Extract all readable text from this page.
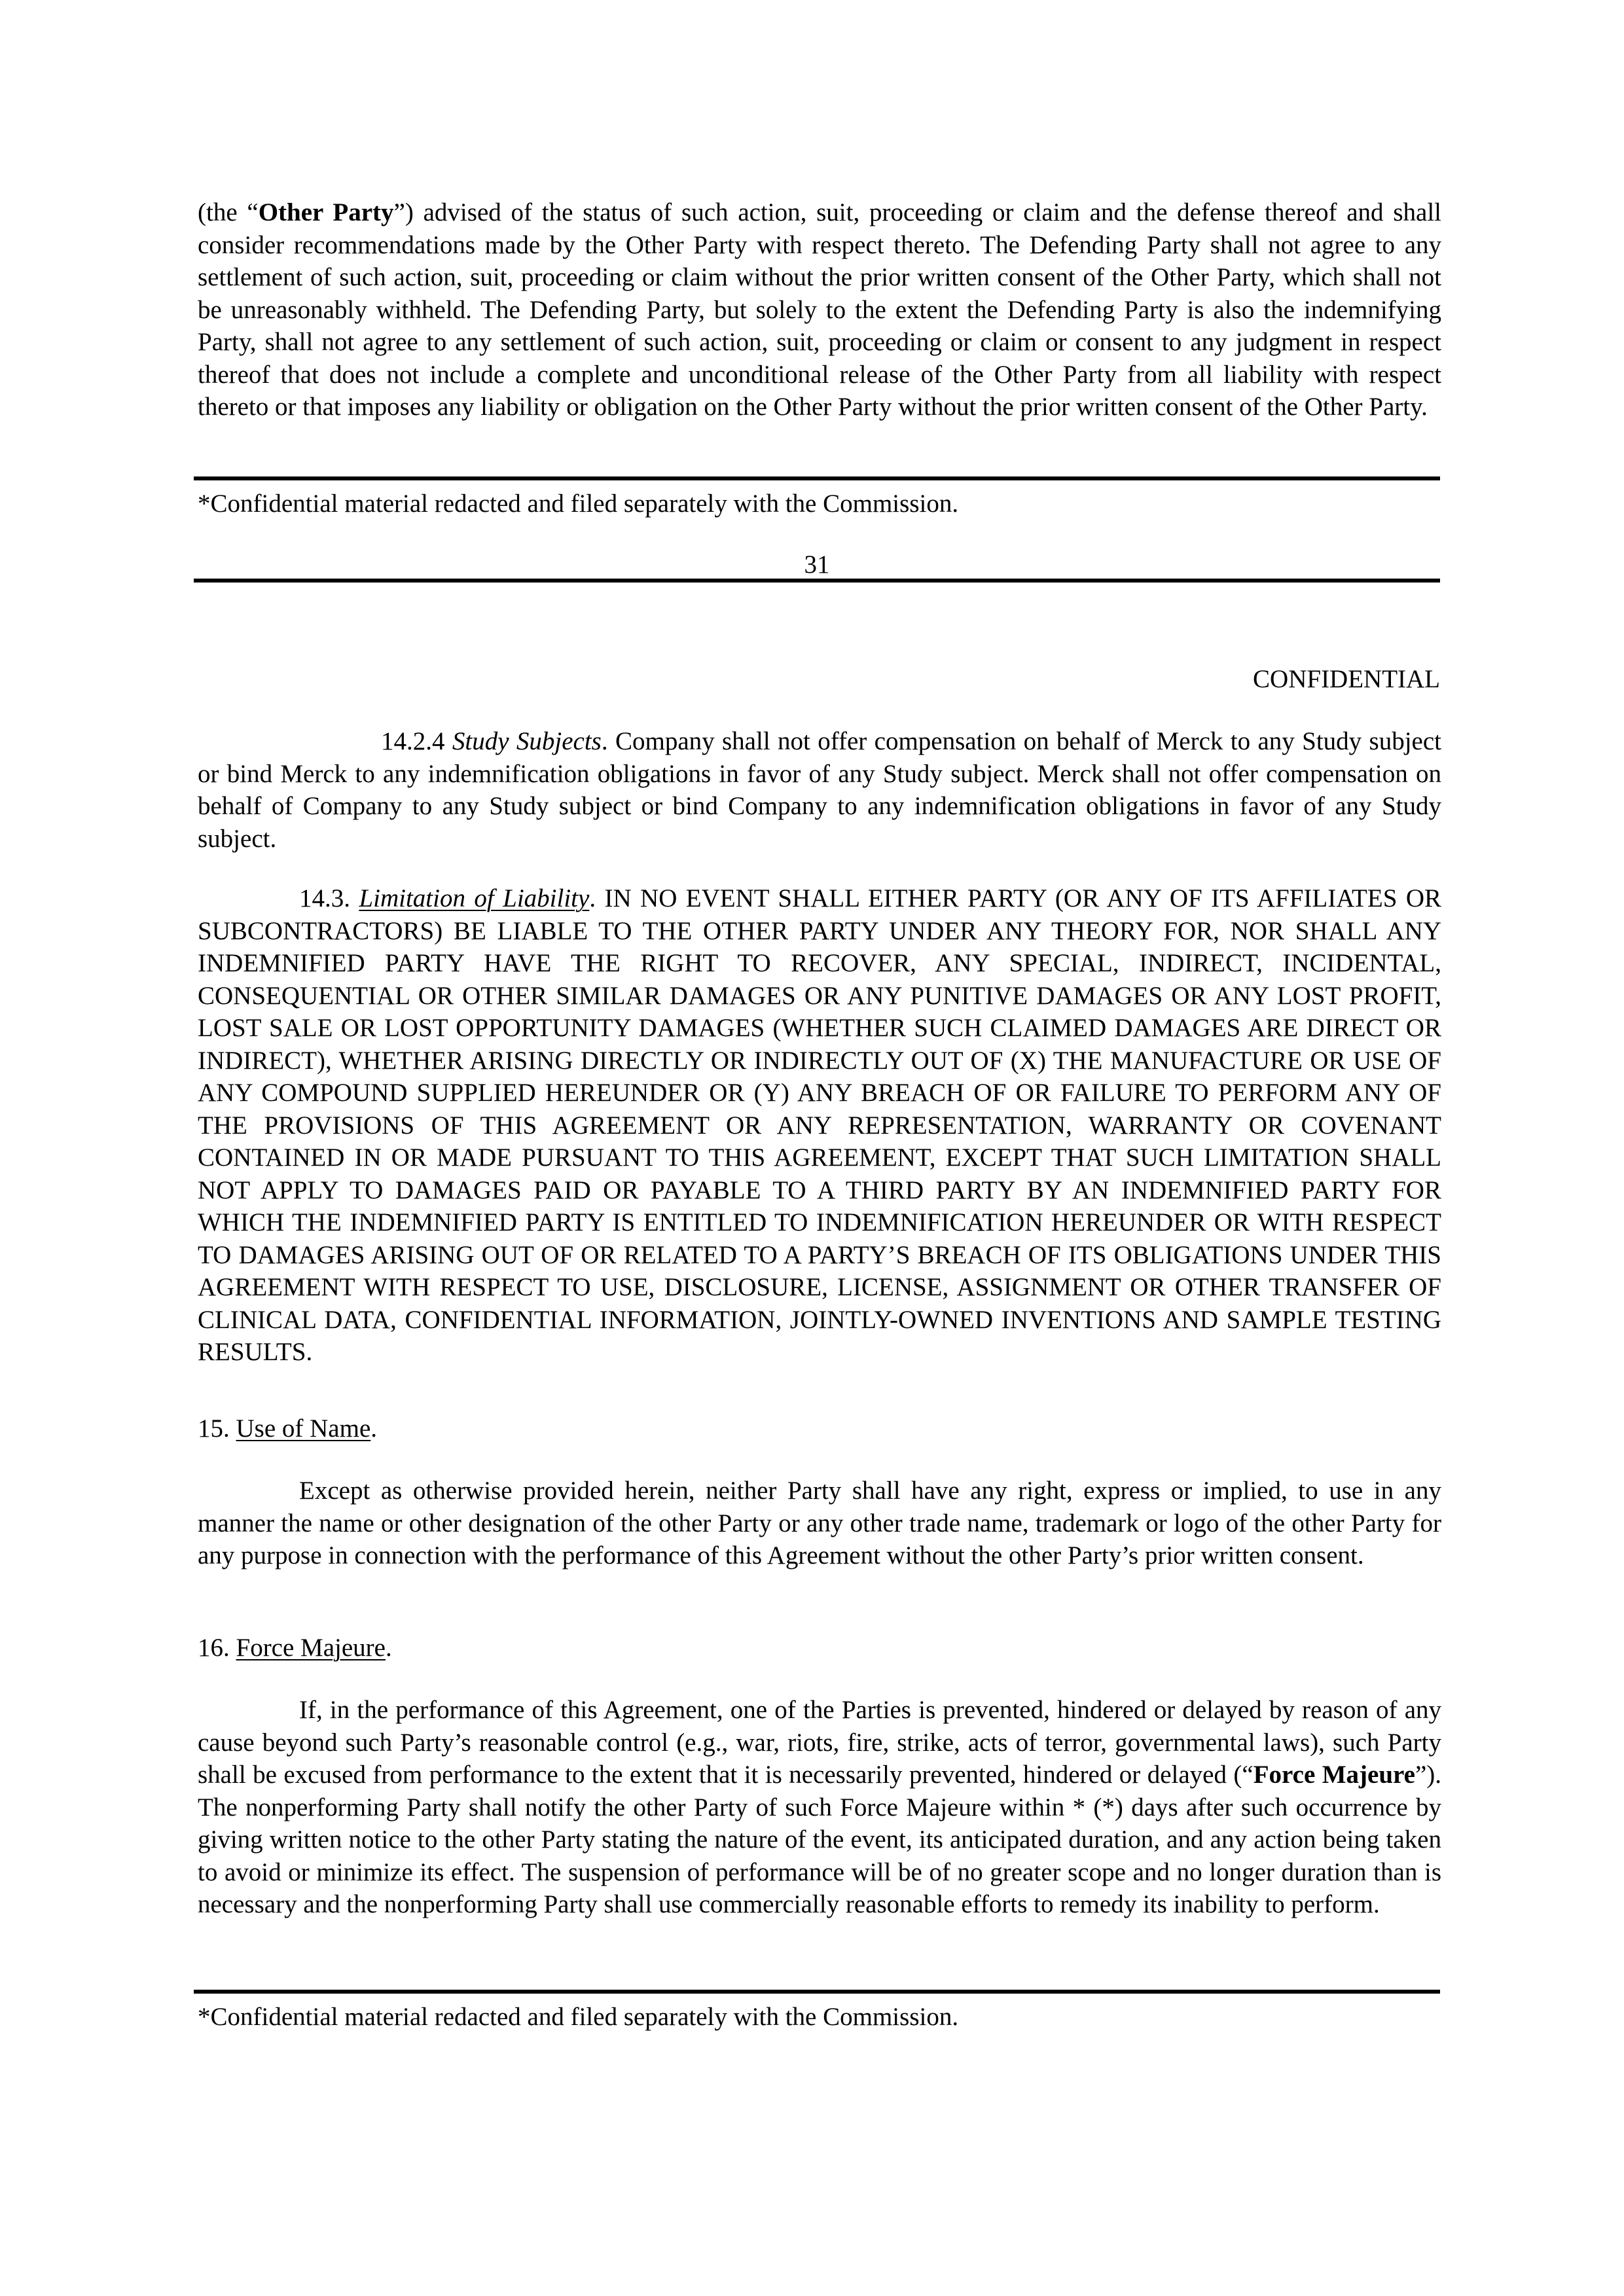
(the “Other Party”) advised of the status of such action, suit, proceeding or claim and the defense thereof and shall consider recommendations made by the Other Party with respect thereto. The Defending Party shall not agree to any settlement of such action, suit, proceeding or claim without the prior written consent of the Other Party, which shall not be unreasonably withheld. The Defending Party, but solely to the extent the Defending Party is also the indemnifying Party, shall not agree to any settlement of such action, suit, proceeding or claim or consent to any judgment in respect thereof that does not include a complete and unconditional release of the Other Party from all liability with respect thereto or that imposes any liability or obligation on the Other Party without the prior written consent of the Other Party.

*Confidential material redacted and filed separately with the Commission.

31
CONFIDENTIAL

14.2.4 Study Subjects. Company shall not offer compensation on behalf of Merck to any Study subject or bind Merck to any indemnification obligations in favor of any Study subject. Merck shall not offer compensation on behalf of Company to any Study subject or bind Company to any indemnification obligations in favor of any Study subject.

14.3. Limitation of Liability. IN NO EVENT SHALL EITHER PARTY (OR ANY OF ITS AFFILIATES OR SUBCONTRACTORS) BE LIABLE TO THE OTHER PARTY UNDER ANY THEORY FOR, NOR SHALL ANY INDEMNIFIED PARTY HAVE THE RIGHT TO RECOVER, ANY SPECIAL, INDIRECT, INCIDENTAL, CONSEQUENTIAL OR OTHER SIMILAR DAMAGES OR ANY PUNITIVE DAMAGES OR ANY LOST PROFIT, LOST SALE OR LOST OPPORTUNITY DAMAGES (WHETHER SUCH CLAIMED DAMAGES ARE DIRECT OR INDIRECT), WHETHER ARISING DIRECTLY OR INDIRECTLY OUT OF (X) THE MANUFACTURE OR USE OF ANY COMPOUND SUPPLIED HEREUNDER OR (Y) ANY BREACH OF OR FAILURE TO PERFORM ANY OF THE PROVISIONS OF THIS AGREEMENT OR ANY REPRESENTATION, WARRANTY OR COVENANT CONTAINED IN OR MADE PURSUANT TO THIS AGREEMENT, EXCEPT THAT SUCH LIMITATION SHALL NOT APPLY TO DAMAGES PAID OR PAYABLE TO A THIRD PARTY BY AN INDEMNIFIED PARTY FOR WHICH THE INDEMNIFIED PARTY IS ENTITLED TO INDEMNIFICATION HEREUNDER OR WITH RESPECT TO DAMAGES ARISING OUT OF OR RELATED TO A PARTY’S BREACH OF ITS OBLIGATIONS UNDER THIS AGREEMENT WITH RESPECT TO USE, DISCLOSURE, LICENSE, ASSIGNMENT OR OTHER TRANSFER OF CLINICAL DATA, CONFIDENTIAL INFORMATION, JOINTLY-OWNED INVENTIONS AND SAMPLE TESTING RESULTS.

15. Use of Name.

Except as otherwise provided herein, neither Party shall have any right, express or implied, to use in any manner the name or other designation of the other Party or any other trade name, trademark or logo of the other Party for any purpose in connection with the performance of this Agreement without the other Party’s prior written consent.

16. Force Majeure.

If, in the performance of this Agreement, one of the Parties is prevented, hindered or delayed by reason of any cause beyond such Party’s reasonable control (e.g., war, riots, fire, strike, acts of terror, governmental laws), such Party shall be excused from performance to the extent that it is necessarily prevented, hindered or delayed (“Force Majeure”). The nonperforming Party shall notify the other Party of such Force Majeure within * (*) days after such occurrence by giving written notice to the other Party stating the nature of the event, its anticipated duration, and any action being taken to avoid or minimize its effect. The suspension of performance will be of no greater scope and no longer duration than is necessary and the nonperforming Party shall use commercially reasonable efforts to remedy its inability to perform.

*Confidential material redacted and filed separately with the Commission.
